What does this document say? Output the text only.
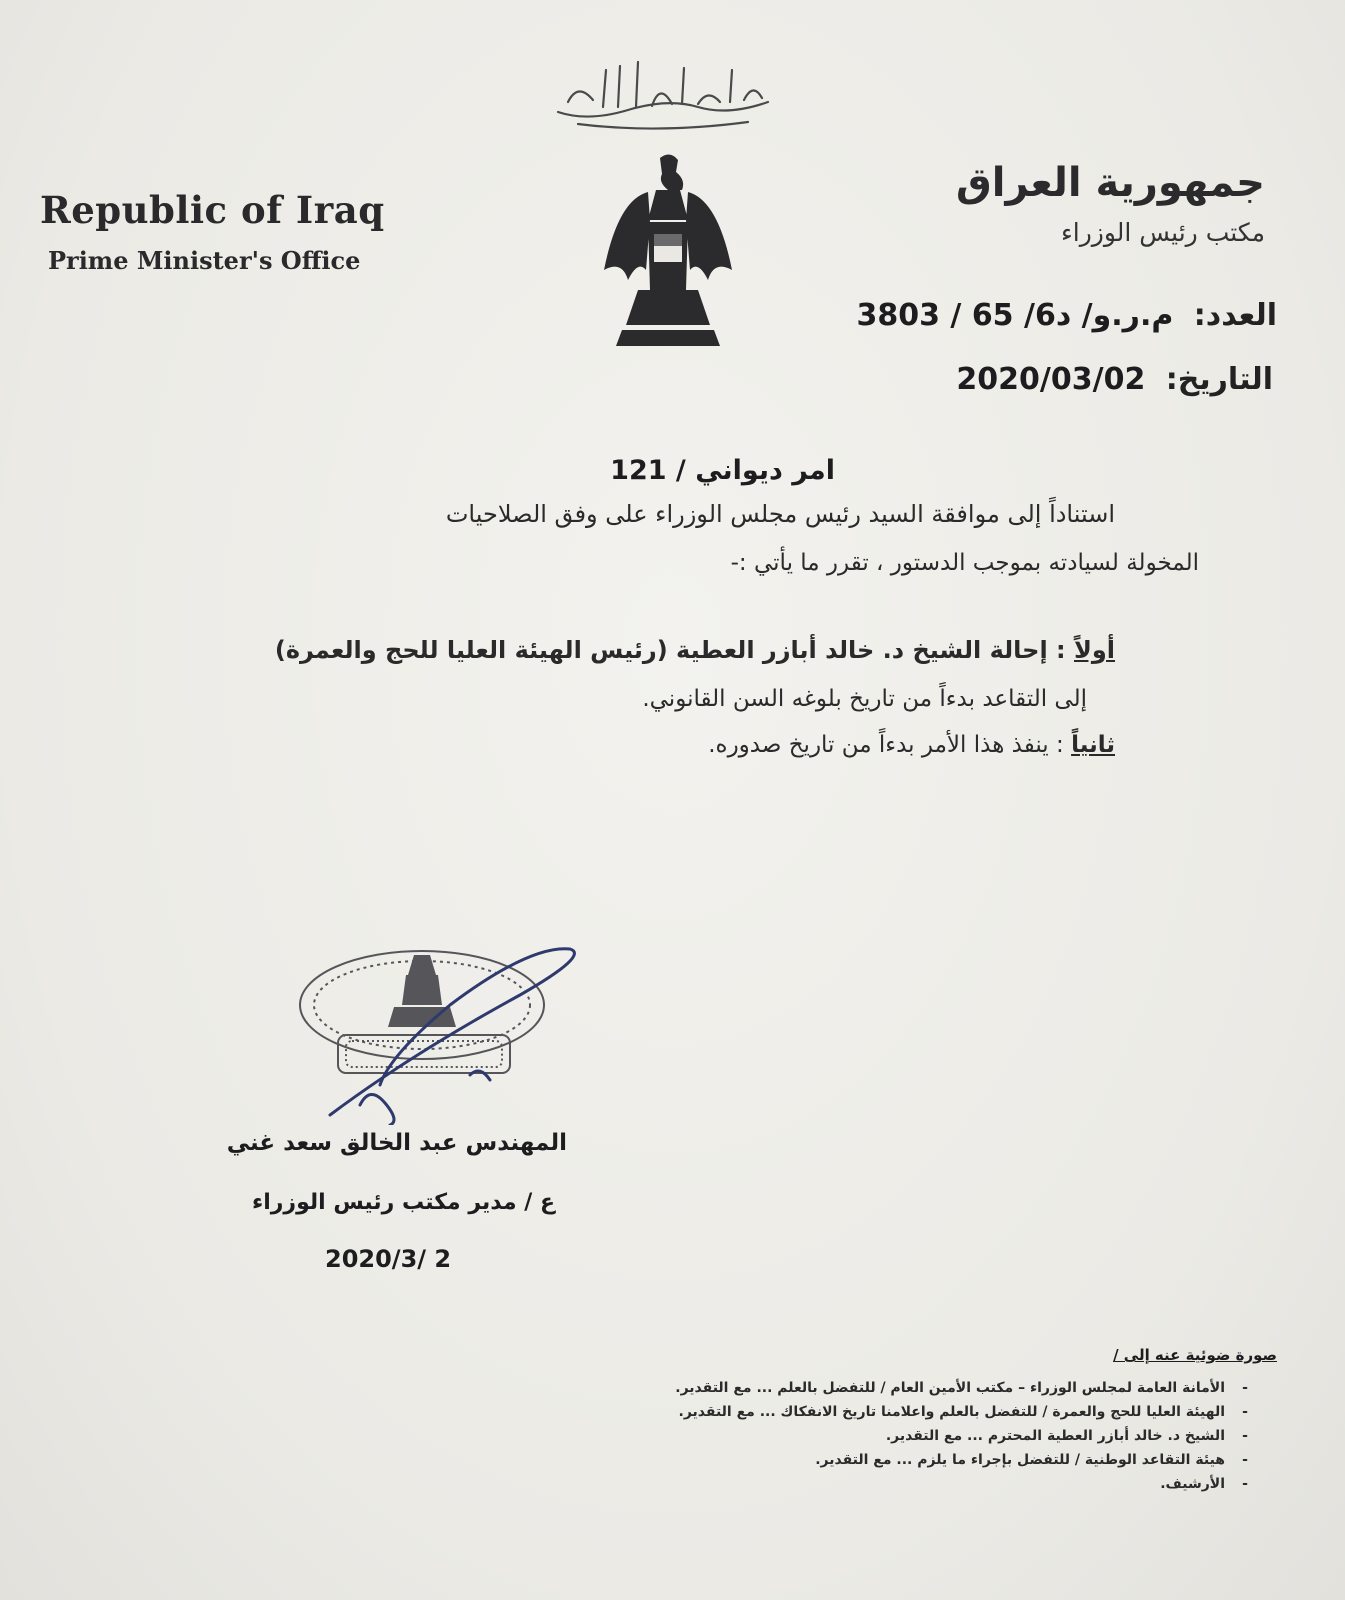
Republic of Iraq
Prime Minister's Office
جمهورية العراق
مكتب رئيس الوزراء
العدد: م.ر.و/ د6/ 65 / 3803
التاريخ: 2020/03/02
امر ديواني / 121
استناداً إلى موافقة السيد رئيس مجلس الوزراء على وفق الصلاحيات
المخولة لسيادته بموجب الدستور ، تقرر ما يأتي :-
أولاً : إحالة الشيخ د. خالد أبازر العطية (رئيس الهيئة العليا للحج والعمرة)
إلى التقاعد بدءاً من تاريخ بلوغه السن القانوني.
ثانياً : ينفذ هذا الأمر بدءاً من تاريخ صدوره.
المهندس عبد الخالق سعد غني
ع / مدير مكتب رئيس الوزراء
2020/3/ 2
صورة ضوئية عنه إلى /
-الأمانة العامة لمجلس الوزراء – مكتب الأمين العام / للتفضل بالعلم ... مع التقدير.
-الهيئة العليا للحج والعمرة / للتفضل بالعلم واعلامنا تاريخ الانفكاك ... مع التقدير.
-الشيخ د. خالد أبازر العطية المحترم ... مع التقدير.
-هيئة التقاعد الوطنية / للتفضل بإجراء ما يلزم ... مع التقدير.
-الأرشيف.
